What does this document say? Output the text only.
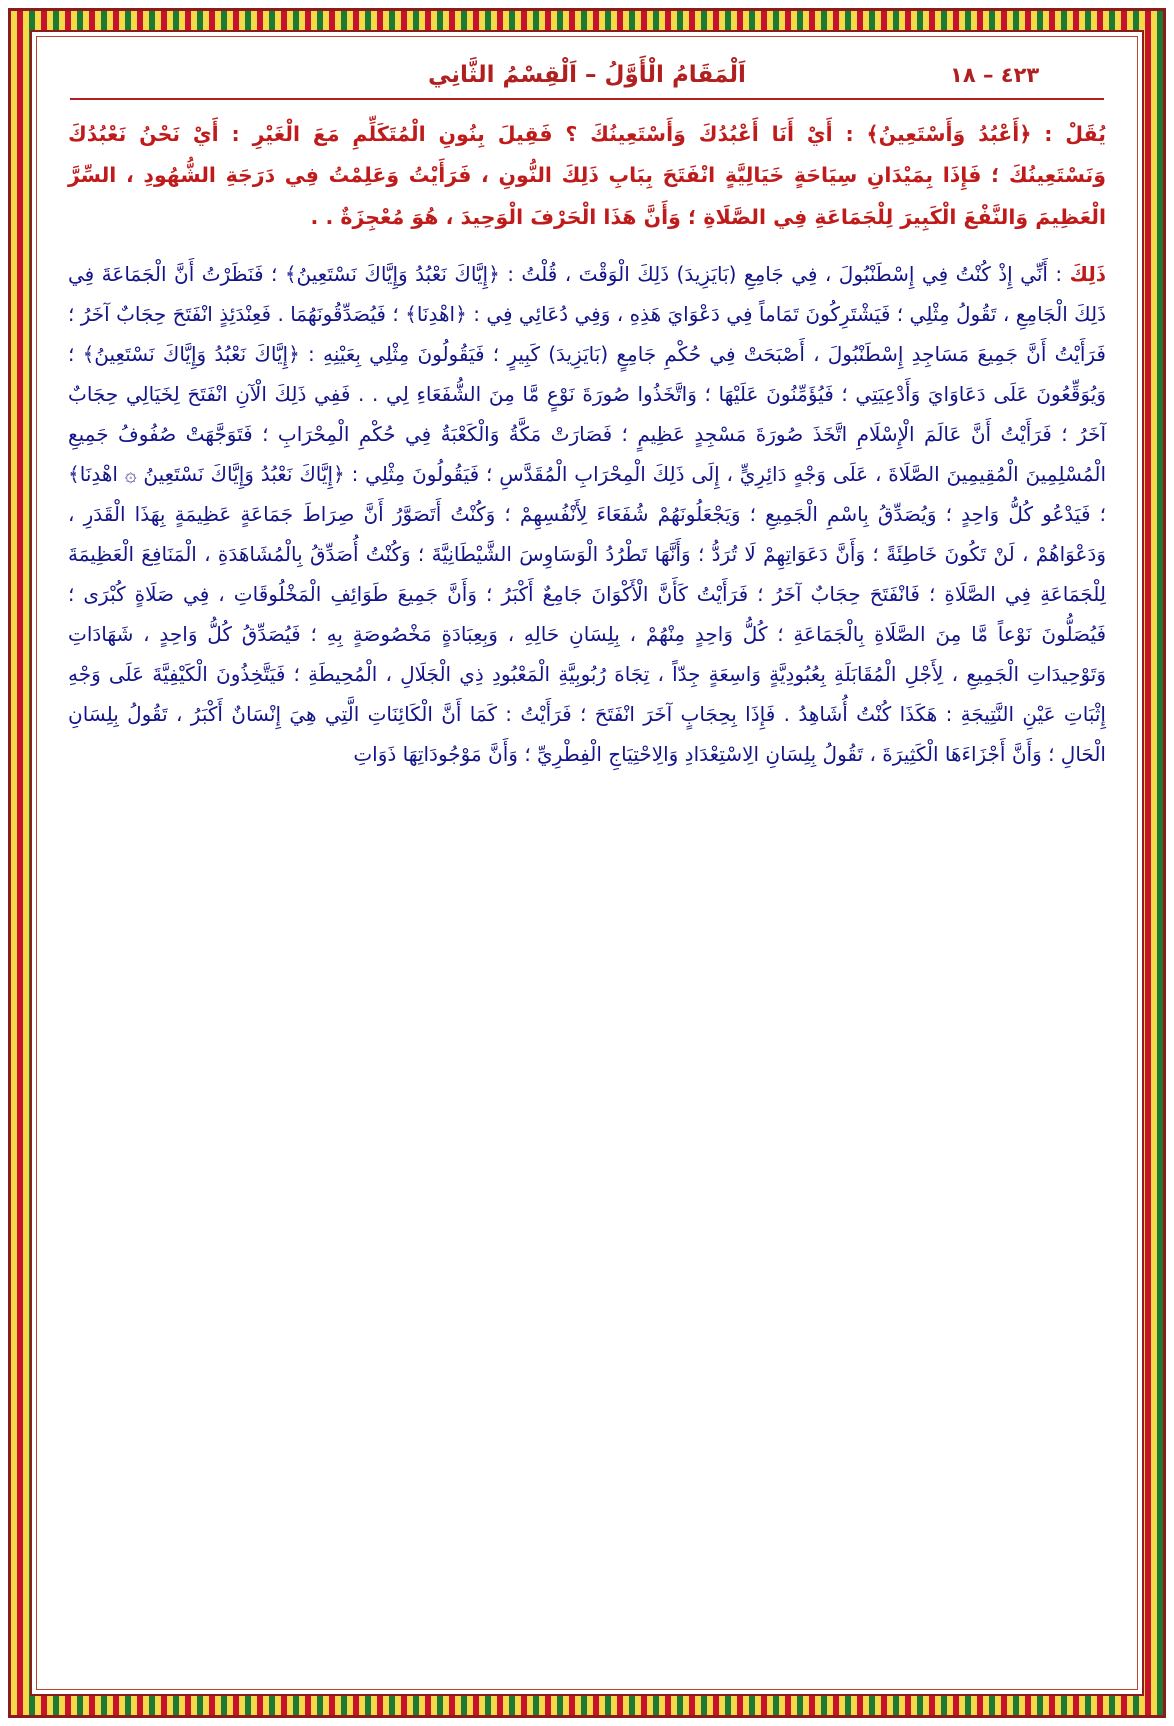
٤٢٣ – ١٨
اَلْمَقَامُ الْأَوَّلُ – اَلْقِسْمُ الثَّانِي

يُقَلْ : ﴿أَعْبُدُ وَأَسْتَعِينُ﴾ : أَيْ أَنَا أَعْبُدُكَ وَأَسْتَعِينُكَ ؟ فَقِيلَ بِنُونِ الْمُتَكَلِّمِ مَعَ الْغَيْرِ : أَيْ نَحْنُ نَعْبُدُكَ وَنَسْتَعِينُكَ ؛ فَإِذَا بِمَيْدَانِ سِيَاحَةٍ خَيَالِيَّةٍ انْفَتَحَ بِبَابِ ذَلِكَ النُّونِ ، فَرَأَيْتُ وَعَلِمْتُ فِي دَرَجَةِ الشُّهُودِ ، السِّرَّ الْعَظِيمَ وَالنَّفْعَ الْكَبِيرَ لِلْجَمَاعَةِ فِي الصَّلَاةِ ؛ وَأَنَّ هَذَا الْحَرْفَ الْوَحِيدَ ، هُوَ مُعْجِزَةٌ . .

ذَلِكَ : أَنِّي إِذْ كُنْتُ فِي إِسْطَنْبُولَ ، فِي جَامِعِ (بَايَزِيدَ) ذَلِكَ الْوَقْتَ ، قُلْتُ : ﴿إِيَّاكَ نَعْبُدُ وَإِيَّاكَ نَسْتَعِينُ﴾ ؛ فَنَظَرْتُ أَنَّ الْجَمَاعَةَ فِي ذَلِكَ الْجَامِعِ ، تَقُولُ مِثْلِي ؛ فَيَشْتَرِكُونَ تَمَاماً فِي دَعْوَايَ هَذِهِ ، وَفِي دُعَائِي فِي : ﴿اهْدِنَا﴾ ؛ فَيُصَدِّقُونَهُمَا . فَعِنْدَئِذٍ انْفَتَحَ حِجَابٌ آخَرُ ؛ فَرَأَيْتُ أَنَّ جَمِيعَ مَسَاجِدِ إِسْطَنْبُولَ ، أَصْبَحَتْ فِي حُكْمِ جَامِعٍ (بَايَزِيدَ) كَبِيرٍ ؛ فَيَقُولُونَ مِثْلِي بِعَيْنِهِ : ﴿إِيَّاكَ نَعْبُدُ وَإِيَّاكَ نَسْتَعِينُ﴾ ؛ وَيُوَقِّعُونَ عَلَى دَعَاوَايَ وَأَدْعِيَتِي ؛ فَيُؤَمِّنُونَ عَلَيْهَا ؛ وَاتَّخَذُوا صُورَةَ نَوْعٍ مَّا مِنَ الشُّفَعَاءِ لِي . . فَفِي ذَلِكَ الْآنِ انْفَتَحَ لِخَيَالِي حِجَابٌ آخَرُ ؛ فَرَأَيْتُ أَنَّ عَالَمَ الْإِسْلَامِ اتَّخَذَ صُورَةَ مَسْجِدٍ عَظِيمٍ ؛ فَصَارَتْ مَكَّةُ وَالْكَعْبَةُ فِي حُكْمِ الْمِحْرَابِ ؛ فَتَوَجَّهَتْ صُفُوفُ جَمِيعِ الْمُسْلِمِينَ الْمُقِيمِينَ الصَّلَاةَ ، عَلَى وَجْهٍ دَائِرِيٍّ ، إِلَى ذَلِكَ الْمِحْرَابِ الْمُقَدَّسِ ؛ فَيَقُولُونَ مِثْلِي : ﴿إِيَّاكَ نَعْبُدُ وَإِيَّاكَ نَسْتَعِينُ ۞ اهْدِنَا﴾ ؛ فَيَدْعُو كُلُّ وَاحِدٍ ؛ وَيُصَدِّقُ بِاسْمِ الْجَمِيعِ ؛ وَيَجْعَلُونَهُمْ شُفَعَاءَ لِأَنْفُسِهِمْ ؛ وَكُنْتُ أَتَصَوَّرُ أَنَّ صِرَاطَ جَمَاعَةٍ عَظِيمَةٍ بِهَذَا الْقَدَرِ ، وَدَعْوَاهُمْ ، لَنْ تَكُونَ خَاطِئَةً ؛ وَأَنَّ دَعَوَاتِهِمْ لَا تُرَدُّ ؛ وَأَنَّهَا تَطْرُدُ الْوَسَاوِسَ الشَّيْطَانِيَّةَ ؛ وَكُنْتُ أُصَدِّقُ بِالْمُشَاهَدَةِ ، الْمَنَافِعَ الْعَظِيمَةَ لِلْجَمَاعَةِ فِي الصَّلَاةِ ؛ فَانْفَتَحَ حِجَابٌ آخَرُ ؛ فَرَأَيْتُ كَأَنَّ الْأَكْوَانَ جَامِعٌ أَكْبَرُ ؛ وَأَنَّ جَمِيعَ طَوَائِفِ الْمَخْلُوقَاتِ ، فِي صَلَاةٍ كُبْرَى ؛ فَيُصَلُّونَ نَوْعاً مَّا مِنَ الصَّلَاةِ بِالْجَمَاعَةِ ؛ كُلُّ وَاحِدٍ مِنْهُمْ ، بِلِسَانِ حَالِهِ ، وَبِعِبَادَةٍ مَخْصُوصَةٍ بِهِ ؛ فَيُصَدِّقُ كُلُّ وَاحِدٍ ، شَهَادَاتِ وَتَوْحِيدَاتِ الْجَمِيعِ ، لِأَجْلِ الْمُقَابَلَةِ بِعُبُودِيَّةٍ وَاسِعَةٍ جِدّاً ، تِجَاهَ رُبُوبِيَّةِ الْمَعْبُودِ ذِي الْجَلَالِ ، الْمُحِيطَةِ ؛ فَيَتَّخِذُونَ الْكَيْفِيَّةَ عَلَى وَجْهِ إِثْبَاتِ عَيْنِ النَّتِيجَةِ : هَكَذَا كُنْتُ أُشَاهِدُ . فَإِذَا بِحِجَابٍ آخَرَ انْفَتَحَ ؛ فَرَأَيْتُ : كَمَا أَنَّ الْكَائِنَاتِ الَّتِي هِيَ إِنْسَانٌ أَكْبَرُ ، تَقُولُ بِلِسَانِ الْحَالِ ؛ وَأَنَّ أَجْزَاءَهَا الْكَثِيرَةَ ، تَقُولُ بِلِسَانِ الِاسْتِعْدَادِ وَالِاحْتِيَاجِ الْفِطْرِيِّ ؛ وَأَنَّ مَوْجُودَاتِهَا ذَوَاتِ
